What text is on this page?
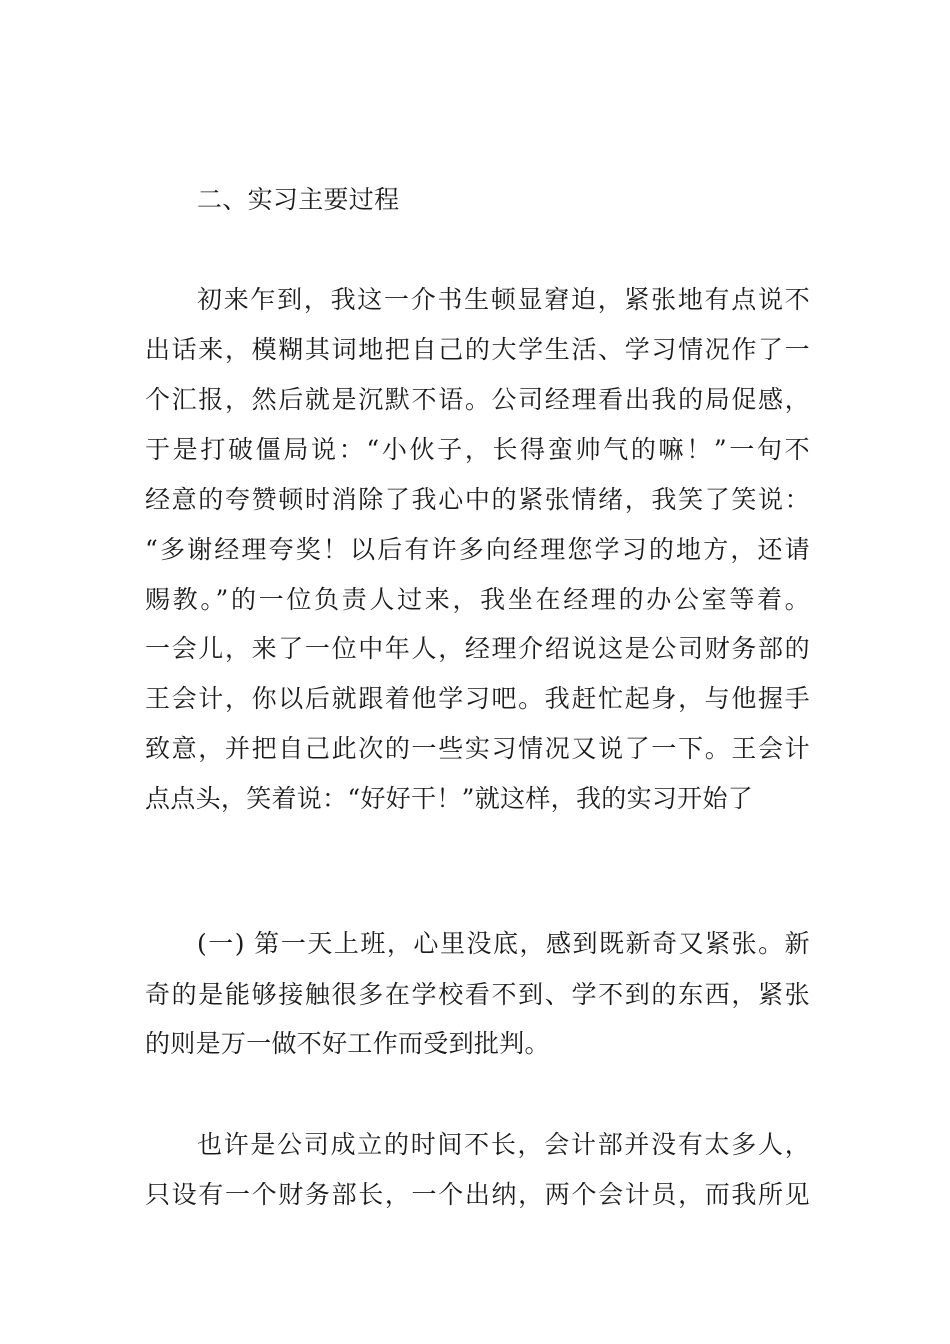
二、实习主要过程
初来乍到，我这一介书生顿显窘迫，紧张地有点说不
出话来，模糊其词地把自己的大学生活、学习情况作了一
个汇报，然后就是沉默不语。公司经理看出我的局促感，
于是打破僵局说：“小伙子，长得蛮帅气的嘛！”一句不
经意的夸赞顿时消除了我心中的紧张情绪，我笑了笑说：
“多谢经理夸奖！以后有许多向经理您学习的地方，还请
赐教。”的一位负责人过来，我坐在经理的办公室等着。
一会儿，来了一位中年人，经理介绍说这是公司财务部的
王会计，你以后就跟着他学习吧。我赶忙起身，与他握手
致意，并把自己此次的一些实习情况又说了一下。王会计
点点头，笑着说：“好好干！”就这样，我的实习开始了
(一) 第一天上班，心里没底，感到既新奇又紧张。新
奇的是能够接触很多在学校看不到、学不到的东西，紧张
的则是万一做不好工作而受到批判。
也许是公司成立的时间不长，会计部并没有太多人，
只设有一个财务部长，一个出纳，两个会计员，而我所见
